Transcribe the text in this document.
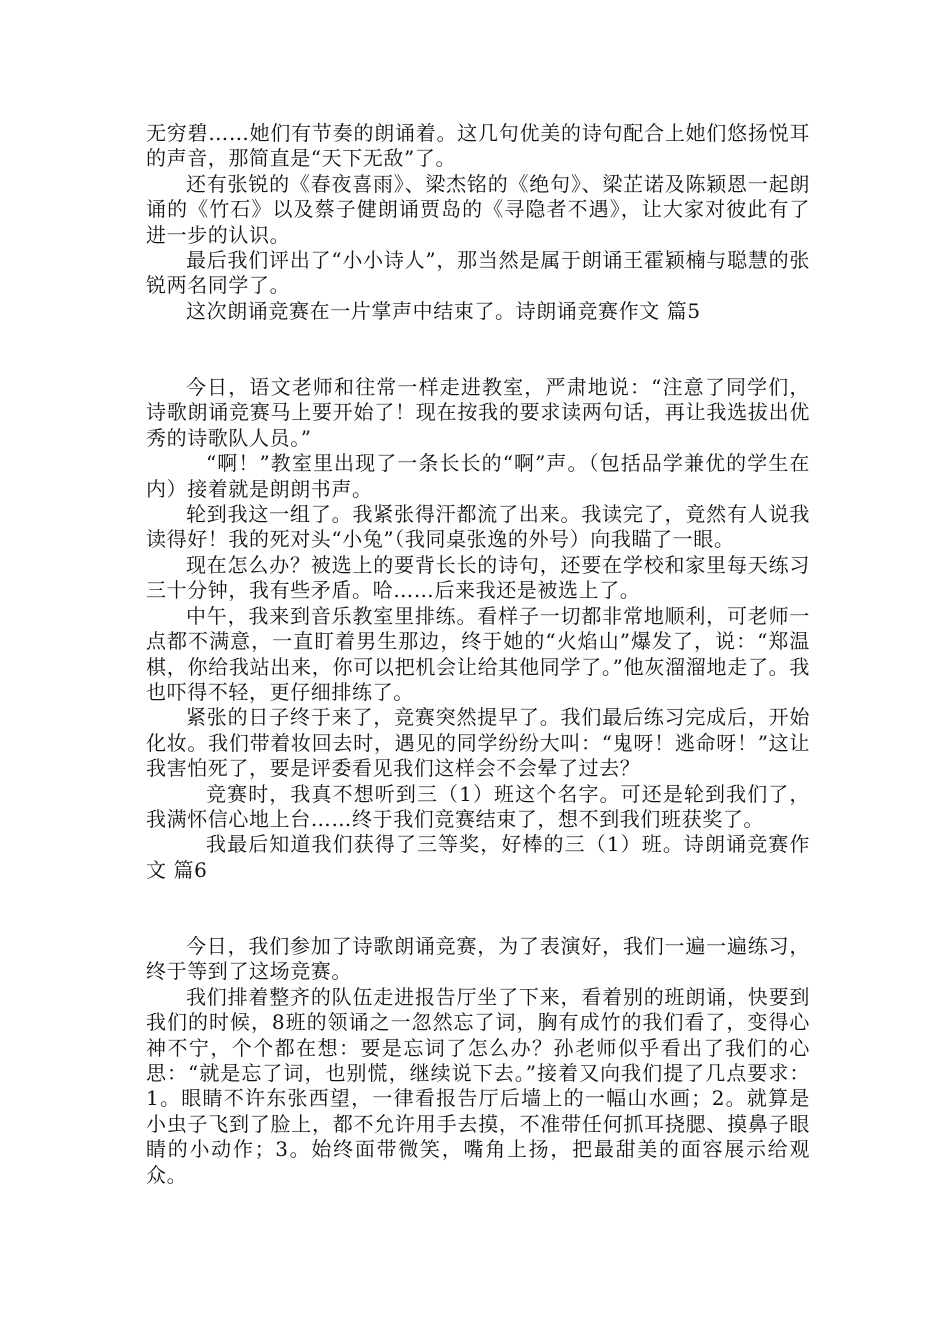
无穷碧……她们有节奏的朗诵着。这几句优美的诗句配合上她们悠扬悦耳的声音，那简直是“天下无敌”了。

还有张锐的《春夜喜雨》、梁杰铭的《绝句》、梁芷诺及陈颖恩一起朗诵的《竹石》以及蔡子健朗诵贾岛的《寻隐者不遇》，让大家对彼此有了进一步的认识。

最后我们评出了“小小诗人”，那当然是属于朗诵王霍颖楠与聪慧的张锐两名同学了。

这次朗诵竞赛在一片掌声中结束了。诗朗诵竞赛作文 篇5

今日，语文老师和往常一样走进教室，严肃地说：“注意了同学们，诗歌朗诵竞赛马上要开始了！现在按我的要求读两句话，再让我选拔出优秀的诗歌队人员。”

“啊！”教室里出现了一条长长的“啊”声。（包括品学兼优的学生在内）接着就是朗朗书声。

轮到我这一组了。我紧张得汗都流了出来。我读完了，竟然有人说我读得好！我的死对头“小兔”（我同桌张逸的外号）向我瞄了一眼。

现在怎么办？被选上的要背长长的诗句，还要在学校和家里每天练习三十分钟，我有些矛盾。哈……后来我还是被选上了。

中午，我来到音乐教室里排练。看样子一切都非常地顺利，可老师一点都不满意，一直盯着男生那边，终于她的“火焰山”爆发了，说：“郑温棋，你给我站出来，你可以把机会让给其他同学了。”他灰溜溜地走了。我也吓得不轻，更仔细排练了。

紧张的日子终于来了，竞赛突然提早了。我们最后练习完成后，开始化妆。我们带着妆回去时，遇见的同学纷纷大叫：“鬼呀！逃命呀！”这让我害怕死了，要是评委看见我们这样会不会晕了过去？

竞赛时，我真不想听到三（1）班这个名字。可还是轮到我们了，我满怀信心地上台……终于我们竞赛结束了，想不到我们班获奖了。

我最后知道我们获得了三等奖，好棒的三（1）班。诗朗诵竞赛作文 篇6

今日，我们参加了诗歌朗诵竞赛，为了表演好，我们一遍一遍练习，终于等到了这场竞赛。

我们排着整齐的队伍走进报告厅坐了下来，看着别的班朗诵，快要到我们的时候，8班的领诵之一忽然忘了词，胸有成竹的我们看了，变得心神不宁，个个都在想：要是忘词了怎么办？孙老师似乎看出了我们的心思：“就是忘了词，也别慌，继续说下去。”接着又向我们提了几点要求：1。眼睛不许东张西望，一律看报告厅后墙上的一幅山水画；2。就算是小虫子飞到了脸上，都不允许用手去摸，不准带任何抓耳挠腮、摸鼻子眼睛的小动作；3。始终面带微笑，嘴角上扬，把最甜美的面容展示给观众。
